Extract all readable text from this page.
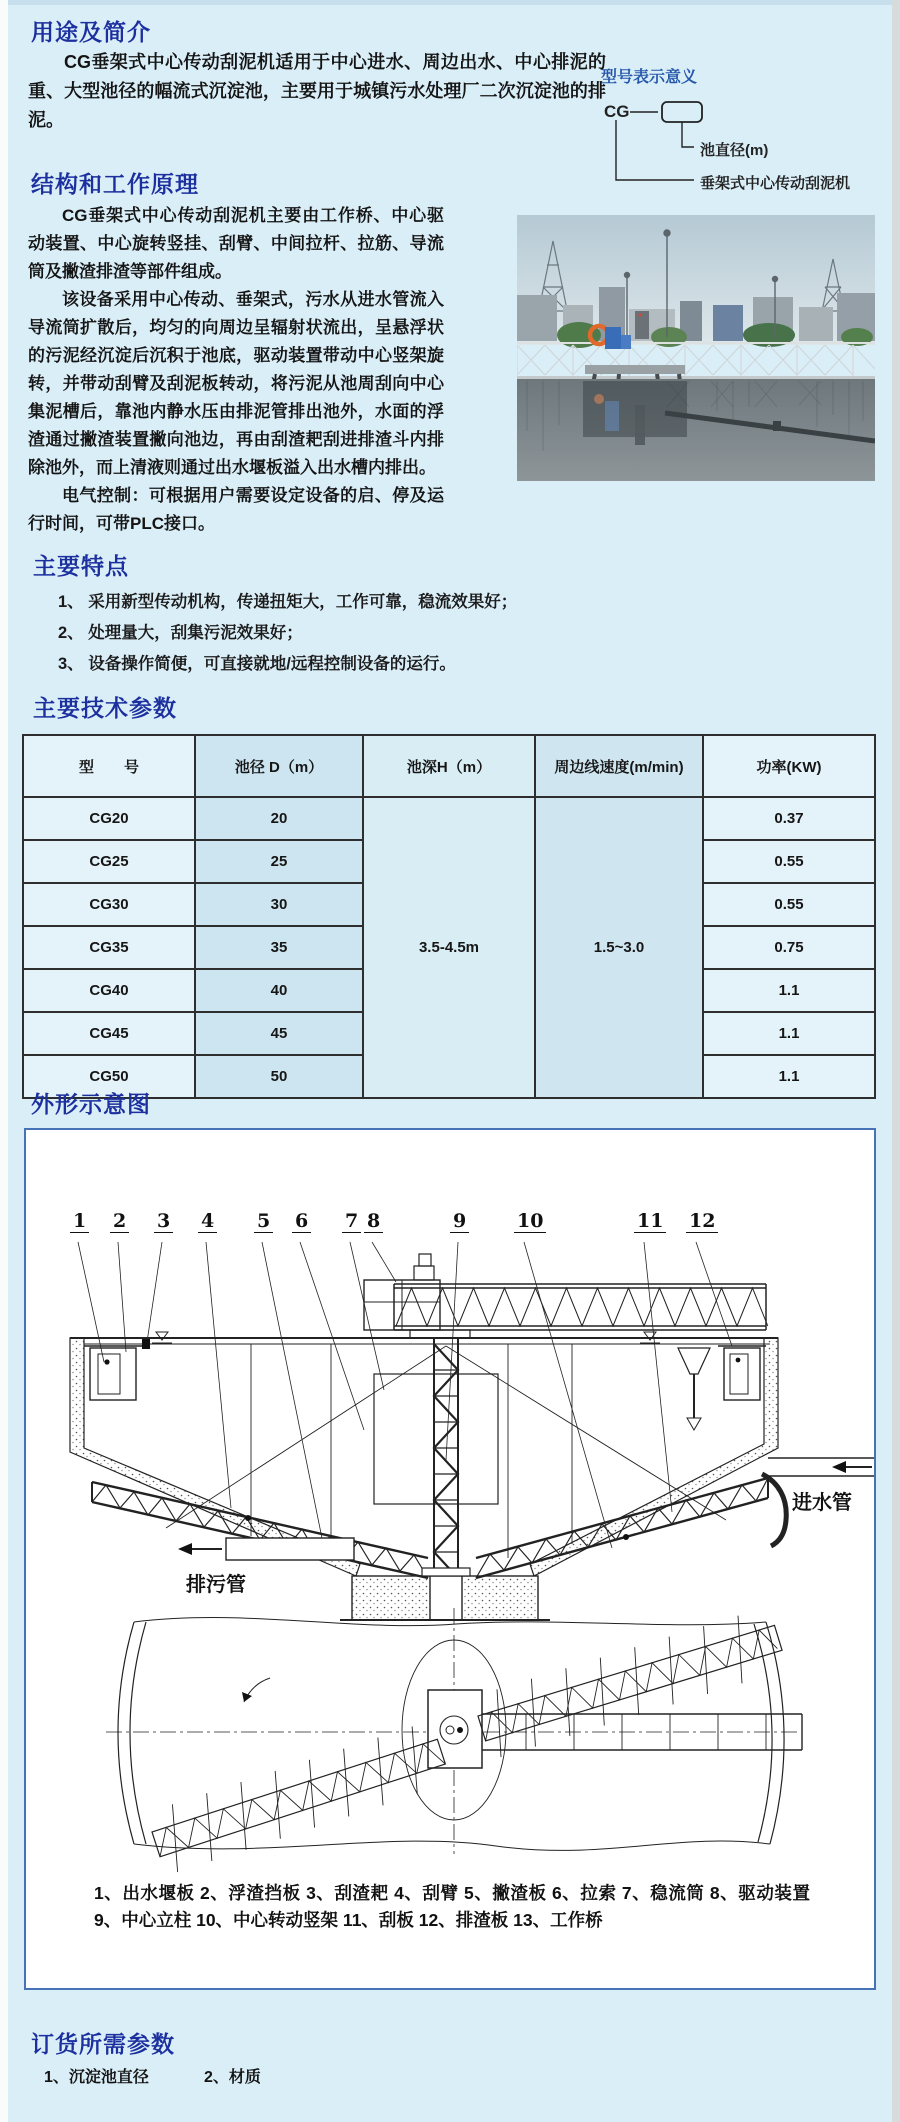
用途及简介

CG垂架式中心传动刮泥机适用于中心进水、周边出水、中心排泥的重、大型池径的幅流式沉淀池，主要用于城镇污水处理厂二次沉淀池的排泥。

型号表示意义
CG
池直径(m)
垂架式中心传动刮泥机
结构和工作原理

CG垂架式中心传动刮泥机主要由工作桥、中心驱动装置、中心旋转竖挂、刮臂、中间拉杆、拉筋、导流筒及撇渣排渣等部件组成。

该设备采用中心传动、垂架式，污水从进水管流入导流筒扩散后，均匀的向周边呈辐射状流出，呈悬浮状的污泥经沉淀后沉积于池底，驱动装置带动中心竖架旋转，并带动刮臂及刮泥板转动，将污泥从池周刮向中心集泥槽后，靠池内静水压由排泥管排出池外，水面的浮渣通过撇渣装置撇向池边，再由刮渣耙刮进排渣斗内排除池外，而上清液则通过出水堰板溢入出水槽内排出。

电气控制：可根据用户需要设定设备的启、停及运行时间，可带PLC接口。

主要特点
1、 采用新型传动机构，传递扭矩大，工作可靠，稳流效果好；
2、 处理量大，刮集污泥效果好；
3、 设备操作简便，可直接就地/远程控制设备的运行。
主要技术参数
型　　号	池径 D（m）	池深H（m）	周边线速度(m/min)	功率(KW)
CG20	20	3.5-4.5m	1.5~3.0	0.37
CG25	25			0.55
CG30	30			0.55
CG35	35			0.75
CG40	40			1.1
CG45	45			1.1
CG50	50			1.1
外形示意图
1 2 3 4 5 6 7 8	9	10	11 12
排污管
进水管

1、出水堰板 2、浮渣挡板 3、刮渣耙 4、刮臂 5、撇渣板 6、拉索 7、稳流筒 8、驱动装置 9、中心立柱 10、中心转动竖架 11、刮板 12、排渣板 13、工作桥

订货所需参数
1、沉淀池直径	2、材质
